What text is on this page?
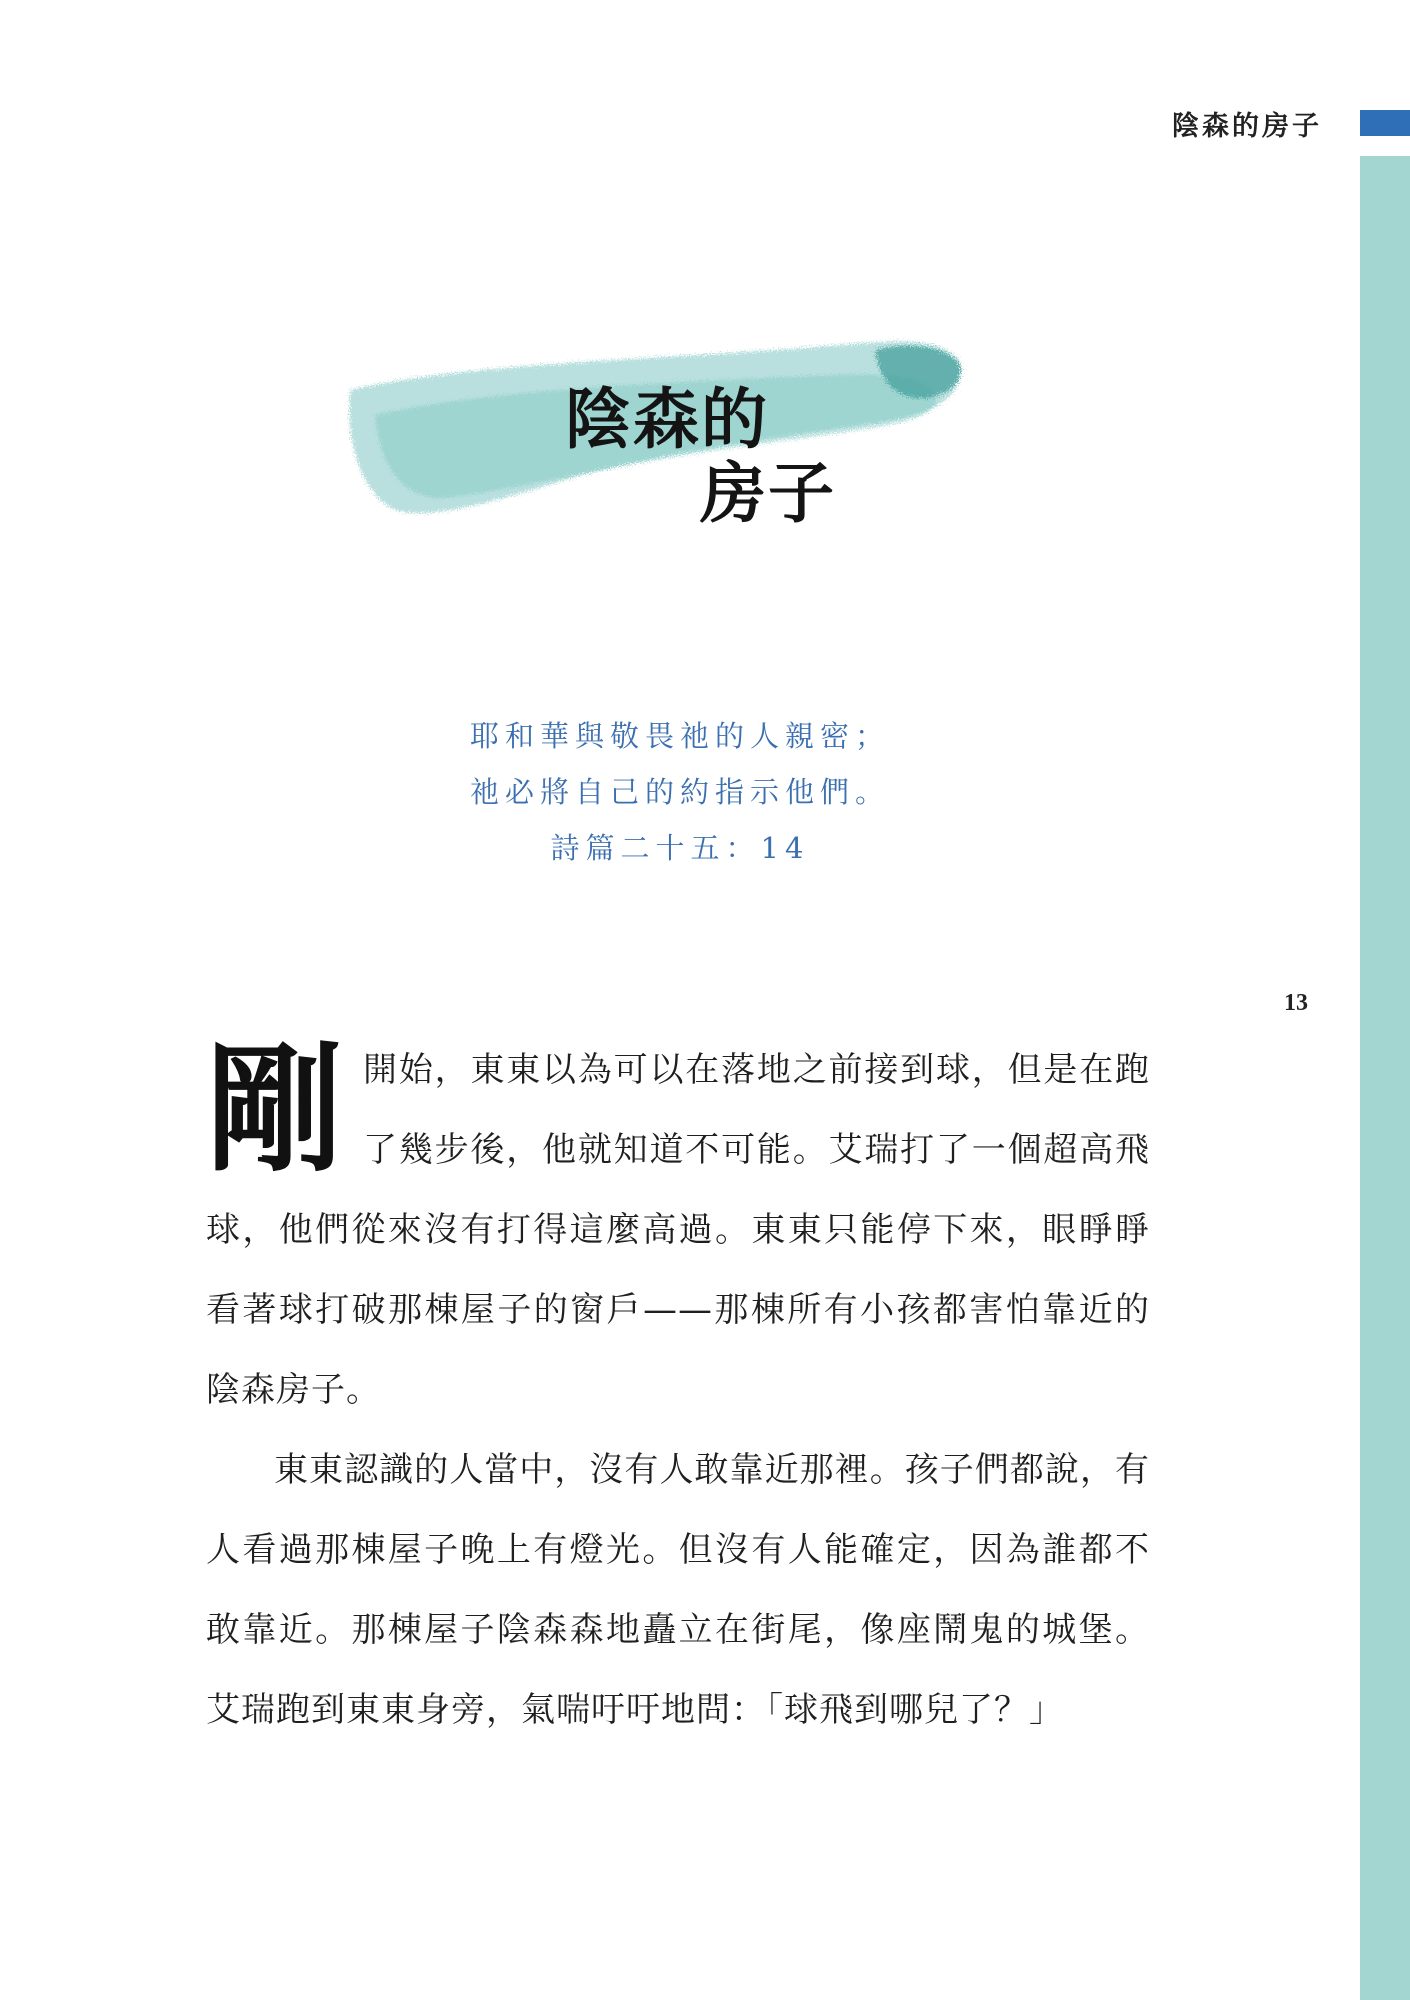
陰森的房子

陰森的

房子

耶和華與敬畏祂的人親密；

祂必將自己的約指示他們。

詩篇二十五：14

13

剛開始，東東以為可以在落地之前接到球，但是在跑了幾步後，他就知道不可能。艾瑞打了一個超高飛球，他們從來沒有打得這麼高過。東東只能停下來，眼睜睜看著球打破那棟屋子的窗戶——那棟所有小孩都害怕靠近的陰森房子。

東東認識的人當中，沒有人敢靠近那裡。孩子們都說，有人看過那棟屋子晚上有燈光。但沒有人能確定，因為誰都不敢靠近。那棟屋子陰森森地矗立在街尾，像座鬧鬼的城堡。艾瑞跑到東東身旁，氣喘吁吁地問：「球飛到哪兒了？」
